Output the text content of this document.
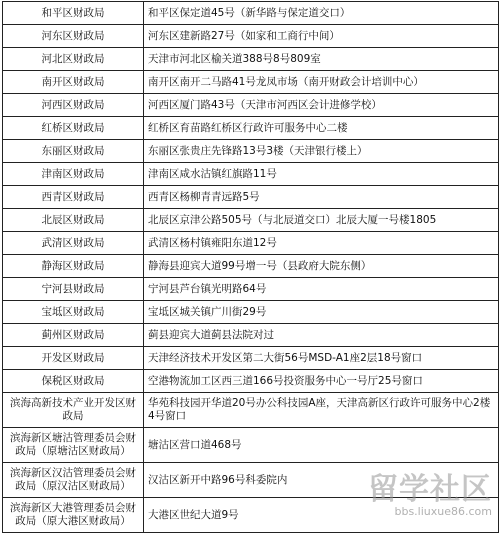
和平区财政局	和平区保定道45号（新华路与保定道交口）
河东区财政局	河东区建新路27号（如家和工商行中间）
河北区财政局	天津市河北区榆关道388号8号809室
南开区财政局	南开区南开二马路41号龙凤市场（南开财政会计培训中心）
河西区财政局	河西区厦门路43号（天津市河西区会计进修学校）
红桥区财政局	红桥区育苗路红桥区行政许可服务中心二楼
东丽区财政局	东丽区张贵庄先锋路13号3楼（天津银行楼上）
津南区财政局	津南区咸水沽镇红旗路11号
西青区财政局	西青区杨柳青青远路5号
北辰区财政局	北辰区京津公路505号（与北辰道交口）北辰大厦一号楼1805
武清区财政局	武清区杨村镇雍阳东道12号
静海区财政局	静海县迎宾大道99号增一号（县政府大院东侧）
宁河县财政局	宁河县芦台镇光明路64号
宝坻区财政局	宝坻区城关镇广川街29号
蓟州区财政局	蓟县迎宾大道蓟县法院对过
开发区财政局	天津经济技术开发区第二大街56号MSD-A1座2层18号窗口
保税区财政局	空港物流加工区西三道166号投资服务中心一号厅25号窗口
滨海高新技术产业开发区财政局	华苑科技园开华道20号办公科技园A座，天津高新区行政许可服务中心2楼4号窗口
滨海新区塘沽管理委员会财政局（原塘沽区财政局）	塘沽区营口道468号
滨海新区汉沽管理委员会财政局（原汉沽区财政局）	汉沽区新开中路96号科委院内
滨海新区大港管理委员会财政局（原大港区财政局）	大港区世纪大道9号
留学社区
bbs.liuxue86.com
